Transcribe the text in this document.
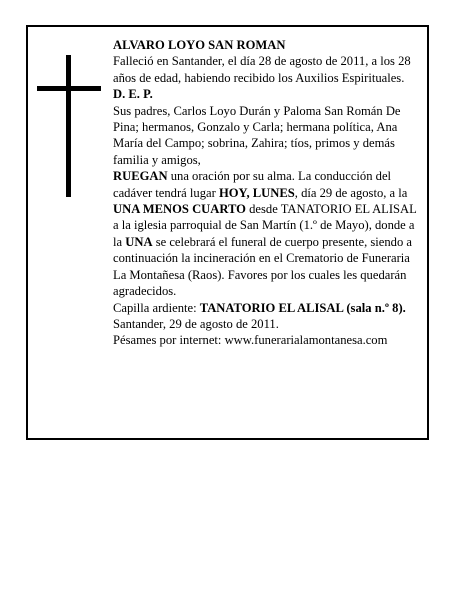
ALVARO LOYO SAN ROMAN

Falleció en Santander, el día 28 de agosto de 2011, a los 28 años de edad, habiendo recibido los Auxilios Espirituales.

D. E. P.

Sus padres, Carlos Loyo Durán y Paloma San Román De Pina; hermanos, Gonzalo y Carla; hermana política, Ana María del Campo; sobrina, Zahira; tíos, primos y demás familia y amigos,

RUEGAN una oración por su alma. La conducción del cadáver tendrá lugar HOY, LUNES, día 29 de agosto, a la UNA MENOS CUARTO desde TANATORIO EL ALISAL a la iglesia parroquial de San Martín (1.º de Mayo), donde a la UNA se celebrará el funeral de cuerpo presente, siendo a continuación la incineración en el Crematorio de Funeraria La Montañesa (Raos). Favores por los cuales les quedarán agradecidos.

Capilla ardiente: TANATORIO EL ALISAL (sala n.º 8).

Santander, 29 de agosto de 2011.

Pésames por internet: www.funerarialamontanesa.com
